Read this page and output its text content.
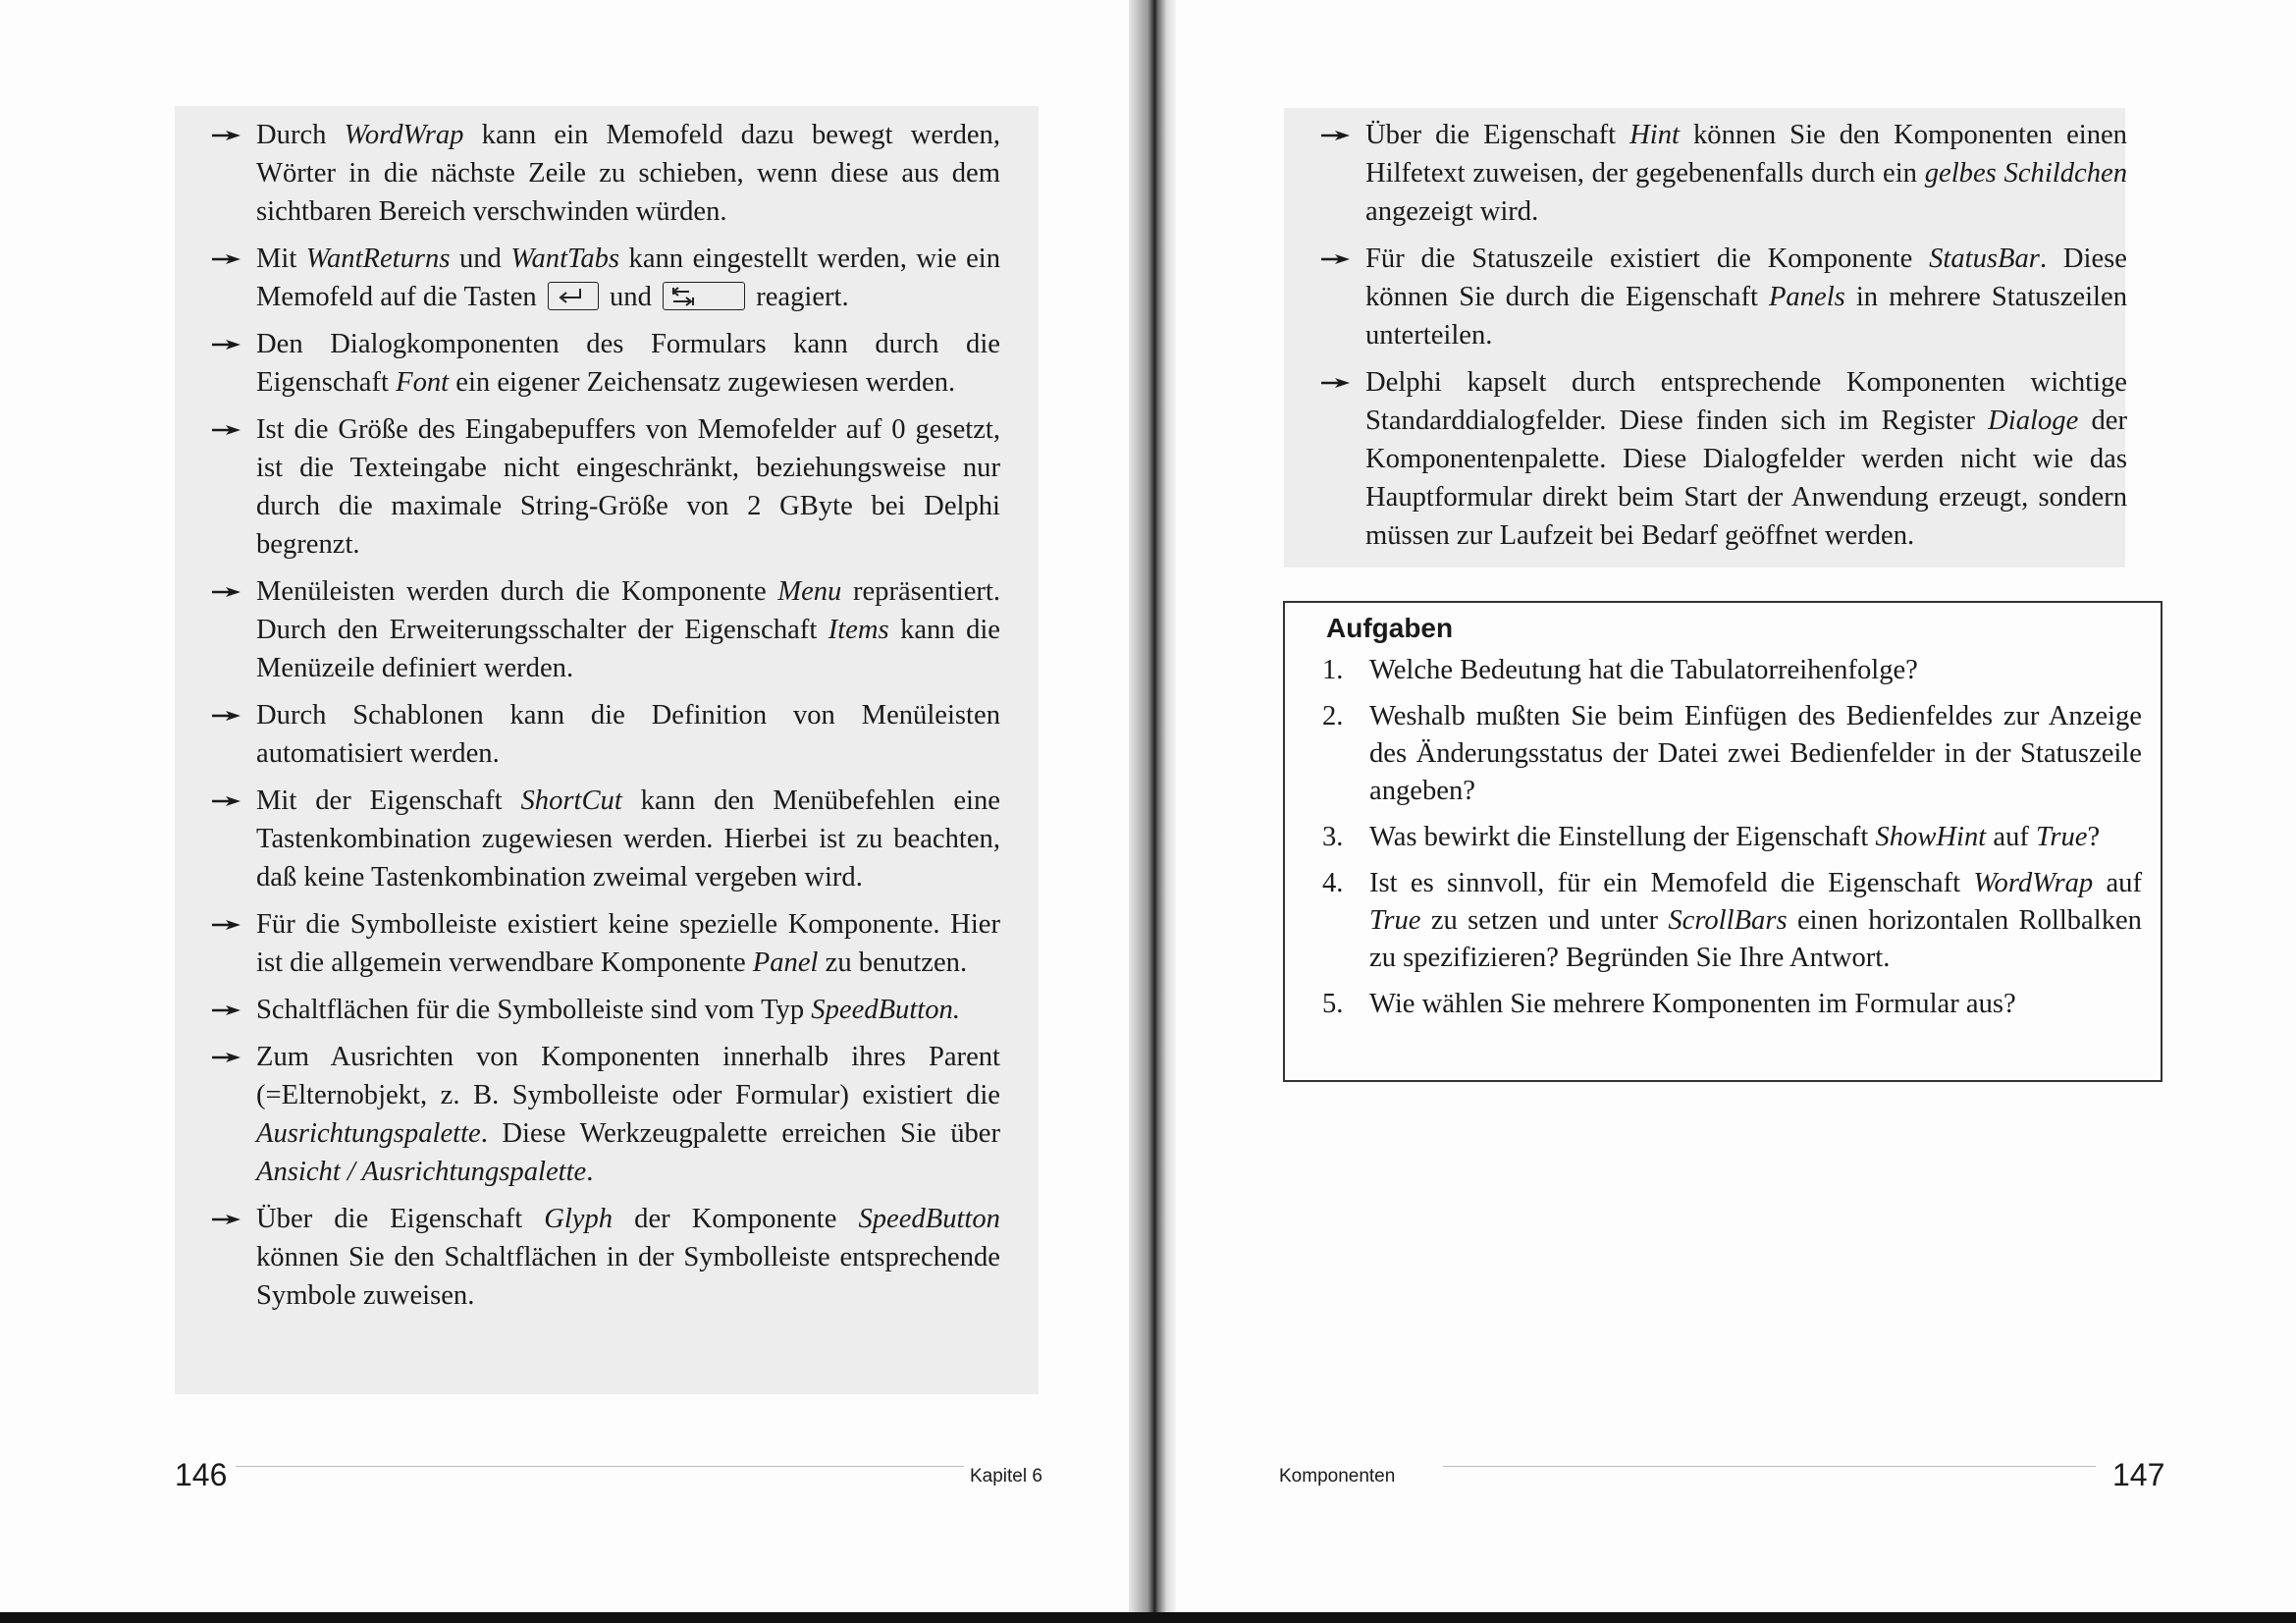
Durch WordWrap kann ein Memofeld dazu bewegt werden, Wörter in die nächste Zeile zu schieben, wenn diese aus dem sichtbaren Bereich verschwinden würden.
Mit WantReturns und WantTabs kann eingestellt werden, wie ein Memofeld auf die Tasten
und	reagiert.
Den Dialogkomponenten des Formulars kann durch die Eigenschaft Font ein eigener Zeichensatz zugewiesen werden.
Ist die Größe des Eingabepuffers von Memofelder auf 0 gesetzt, ist die Texteingabe nicht eingeschränkt, beziehungsweise nur durch die maximale String-Größe von 2 GByte bei Delphi begrenzt.
Menüleisten werden durch die Komponente Menu repräsentiert. Durch den Erweiterungsschalter der Eigenschaft Items kann die Menüzeile definiert werden.
Durch Schablonen kann die Definition von Menüleisten automatisiert werden.
Mit der Eigenschaft ShortCut kann den Menübefehlen eine Tastenkombination zugewiesen werden. Hierbei ist zu beachten, daß keine Tastenkombination zweimal vergeben wird.
Für die Symbolleiste existiert keine spezielle Komponente. Hier ist die allgemein verwendbare Komponente Panel zu benutzen.
Schaltflächen für die Symbolleiste sind vom Typ SpeedButton.
Zum Ausrichten von Komponenten innerhalb ihres Parent (=Elternobjekt, z. B. Symbolleiste oder Formular) existiert die Ausrichtungspalette. Diese Werkzeugpalette erreichen Sie über Ansicht / Ausrichtungspalette.
Über die Eigenschaft Glyph der Komponente SpeedButton können Sie den Schaltflächen in der Symbolleiste entsprechende Symbole zuweisen.
146	Kapitel 6
Über die Eigenschaft Hint können Sie den Komponenten einen Hilfetext zuweisen, der gegebenenfalls durch ein gelbes Schildchen angezeigt wird.
Für die Statuszeile existiert die Komponente StatusBar. Diese können Sie durch die Eigenschaft Panels in mehrere Statuszeilen unterteilen.
Delphi kapselt durch entsprechende Komponenten wichtige Standarddialogfelder. Diese finden sich im Register Dialoge der Komponentenpalette. Diese Dialogfelder werden nicht wie das Hauptformular direkt beim Start der Anwendung erzeugt, sondern müssen zur Laufzeit bei Bedarf geöffnet werden.
Aufgaben
1. Welche Bedeutung hat die Tabulatorreihenfolge?
2. Weshalb mußten Sie beim Einfügen des Bedienfeldes zur Anzeige des Änderungsstatus der Datei zwei Bedienfelder in der Statuszeile angeben?
3. Was bewirkt die Einstellung der Eigenschaft ShowHint auf True?
4. Ist es sinnvoll, für ein Memofeld die Eigenschaft WordWrap auf True zu setzen und unter ScrollBars einen horizontalen Rollbalken zu spezifizieren? Begründen Sie Ihre Antwort.
5. Wie wählen Sie mehrere Komponenten im Formular aus?
Komponenten	147
